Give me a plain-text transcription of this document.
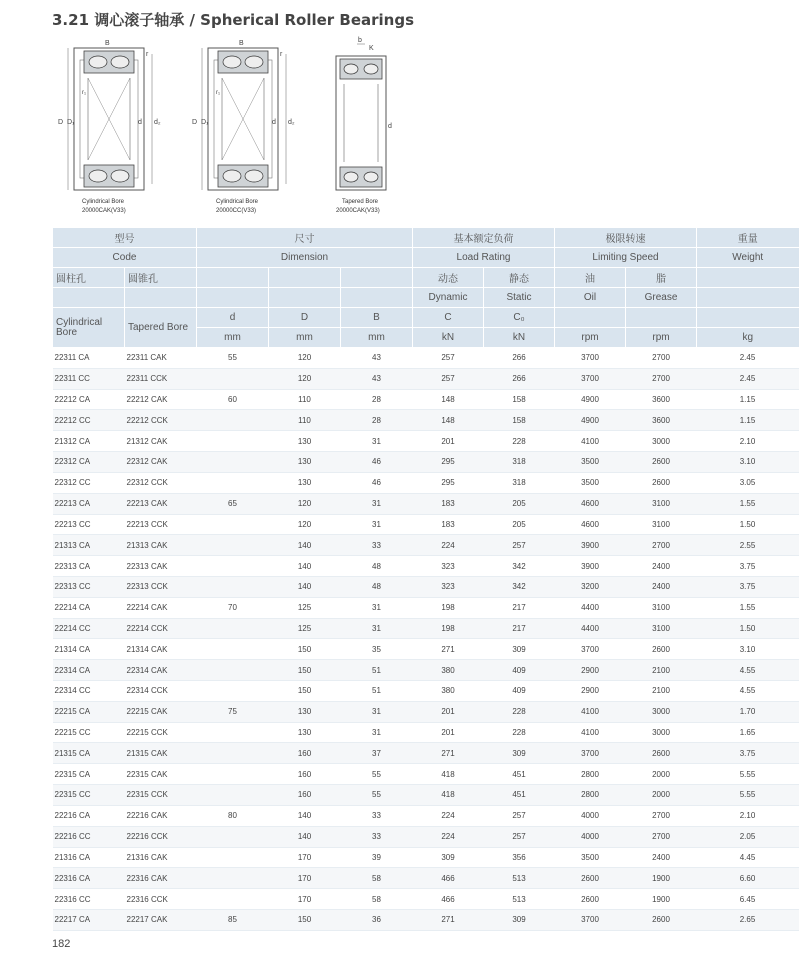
3.21 调心滚子轴承 / Spherical Roller Bearings
D D₁	d d₂
B
r
r₁
Cylindrical Bore
20000CAK(V33)
D D₁	d d₂
B
r
r₁
Cylindrical Bore
20000CC(V33)
b
K
d
Tapered Bore
20000CAK(V33)
型号		尺寸			基本额定负荷		极限转速		重量
Code		Dimension			Load Rating		Limiting Speed		Weight
圆柱孔	圆锥孔				动态	静态	油	脂	
					Dynamic	Static	Oil	Grease	
Cylindrical Bore	Tapered Bore	d	D	B	C	C₀			
		mm	mm	mm	kN	kN	rpm	rpm	kg
22311 CA	22311 CAK	55	120	43	257	266	3700	2700	2.45
22311 CC	22311 CCK		120	43	257	266	3700	2700	2.45
22212 CA	22212 CAK	60	110	28	148	158	4900	3600	1.15
22212 CC	22212 CCK		110	28	148	158	4900	3600	1.15
21312 CA	21312 CAK		130	31	201	228	4100	3000	2.10
22312 CA	22312 CAK		130	46	295	318	3500	2600	3.10
22312 CC	22312 CCK		130	46	295	318	3500	2600	3.05
22213 CA	22213 CAK	65	120	31	183	205	4600	3100	1.55
22213 CC	22213 CCK		120	31	183	205	4600	3100	1.50
21313 CA	21313 CAK		140	33	224	257	3900	2700	2.55
22313 CA	22313 CAK		140	48	323	342	3900	2400	3.75
22313 CC	22313 CCK		140	48	323	342	3200	2400	3.75
22214 CA	22214 CAK	70	125	31	198	217	4400	3100	1.55
22214 CC	22214 CCK		125	31	198	217	4400	3100	1.50
21314 CA	21314 CAK		150	35	271	309	3700	2600	3.10
22314 CA	22314 CAK		150	51	380	409	2900	2100	4.55
22314 CC	22314 CCK		150	51	380	409	2900	2100	4.55
22215 CA	22215 CAK	75	130	31	201	228	4100	3000	1.70
22215 CC	22215 CCK		130	31	201	228	4100	3000	1.65
21315 CA	21315 CAK		160	37	271	309	3700	2600	3.75
22315 CA	22315 CAK		160	55	418	451	2800	2000	5.55
22315 CC	22315 CCK		160	55	418	451	2800	2000	5.55
22216 CA	22216 CAK	80	140	33	224	257	4000	2700	2.10
22216 CC	22216 CCK		140	33	224	257	4000	2700	2.05
21316 CA	21316 CAK		170	39	309	356	3500	2400	4.45
22316 CA	22316 CAK		170	58	466	513	2600	1900	6.60
22316 CC	22316 CCK		170	58	466	513	2600	1900	6.45
22217 CA	22217 CAK	85	150	36	271	309	3700	2600	2.65
182
